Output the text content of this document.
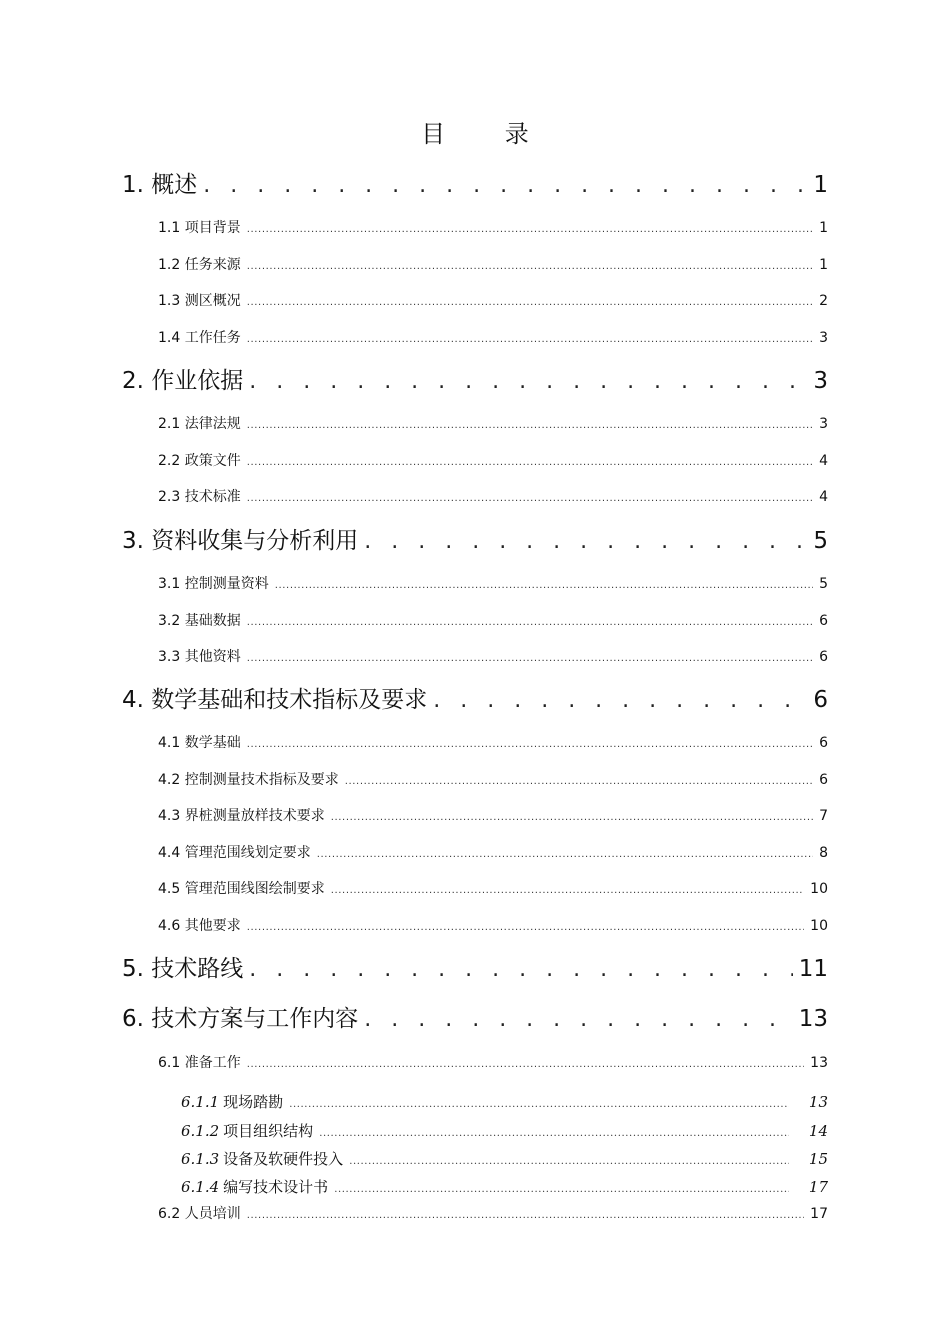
目 录
1. 概述 . . .	1
1.1 项目背景 .....	1
1.2 任务来源 .....	1
1.3 测区概况 .....	2
1.4 工作任务 .....	3
2. 作业依据 . . .	3
2.1 法律法规 .....	3
2.2 政策文件 .....	4
2.3 技术标准 .....	4
3. 资料收集与分析利用 . . .	5
3.1 控制测量资料 .....	5
3.2 基础数据 .....	6
3.3 其他资料 .....	6
4. 数学基础和技术指标及要求 . . .	6
4.1 数学基础 .....	6
4.2 控制测量技术指标及要求 .....	6
4.3 界桩测量放样技术要求 .....	7
4.4 管理范围线划定要求 .....	8
4.5 管理范围线图绘制要求 .....	10
4.6 其他要求 .....	10
5. 技术路线 . . .	11
6. 技术方案与工作内容 . . .	13
6.1 准备工作 .....	13
6.1.1 现场踏勘 .....	13
6.1.2 项目组织结构 .....	14
6.1.3 设备及软硬件投入 .....	15
6.1.4 编写技术设计书 .....	17
6.2 人员培训 .....	17
